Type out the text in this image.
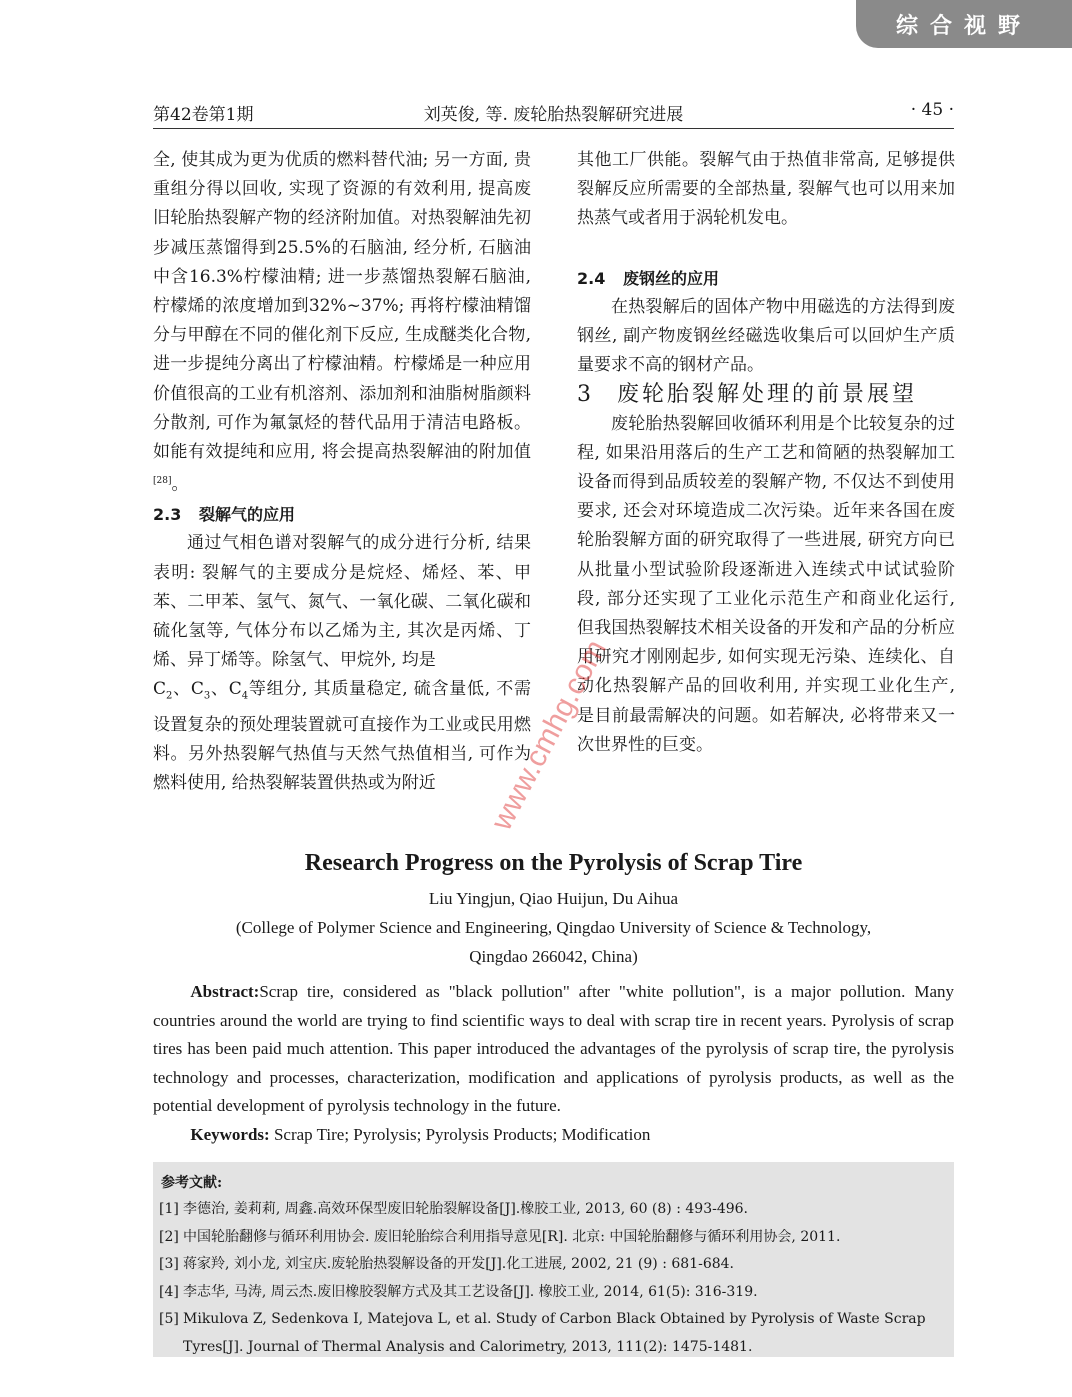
综合视野
第42卷第1期	刘英俊, 等. 废轮胎热裂解研究进展	· 45 ·

全, 使其成为更为优质的燃料替代油; 另一方面, 贵重组分得以回收, 实现了资源的有效利用, 提高废旧轮胎热裂解产物的经济附加值。对热裂解油先初步减压蒸馏得到25.5%的石脑油, 经分析, 石脑油中含16.3%柠檬油精; 进一步蒸馏热裂解石脑油, 柠檬烯的浓度增加到32%~37%; 再将柠檬油精馏分与甲醇在不同的催化剂下反应, 生成醚类化合物, 进一步提纯分离出了柠檬油精。柠檬烯是一种应用价值很高的工业有机溶剂、添加剂和油脂树脂颜料分散剂, 可作为氟氯烃的替代品用于清洁电路板。如能有效提纯和应用, 将会提高热裂解油的附加值[28]。

2.3 裂解气的应用

通过气相色谱对裂解气的成分进行分析, 结果表明: 裂解气的主要成分是烷烃、烯烃、苯、甲苯、二甲苯、氢气、氮气、一氧化碳、二氧化碳和硫化氢等, 气体分布以乙烯为主, 其次是丙烯、丁烯、异丁烯等。除氢气、甲烷外, 均是
$C_2$、$C_3$、$C_4$等组分, 其质量稳定, 硫含量低, 不需设置复杂的预处理装置就可直接作为工业或民用燃料。另外热裂解气热值与天然气热值相当, 可作为燃料使用, 给热裂解装置供热或为附近

其他工厂供能。裂解气由于热值非常高, 足够提供裂解反应所需要的全部热量, 裂解气也可以用来加热蒸气或者用于涡轮机发电。

2.4 废钢丝的应用

在热裂解后的固体产物中用磁选的方法得到废钢丝, 副产物废钢丝经磁选收集后可以回炉生产质量要求不高的钢材产品。

3 废轮胎裂解处理的前景展望

废轮胎热裂解回收循环利用是个比较复杂的过程, 如果沿用落后的生产工艺和简陋的热裂解加工设备而得到品质较差的裂解产物, 不仅达不到使用要求, 还会对环境造成二次污染。近年来各国在废轮胎裂解方面的研究取得了一些进展, 研究方向已从批量小型试验阶段逐渐进入连续式中试试验阶段, 部分还实现了工业化示范生产和商业化运行, 但我国热裂解技术相关设备的开发和产品的分析应用研究才刚刚起步, 如何实现无污染、连续化、自动化热裂解产品的回收利用, 并实现工业化生产, 是目前最需解决的问题。如若解决, 必将带来又一次世界性的巨变。

Research Progress on the Pyrolysis of Scrap Tire
Liu Yingjun, Qiao Huijun, Du Aihua
(College of Polymer Science and Engineering, Qingdao University of Science & Technology,
Qingdao 266042, China)

Abstract:Scrap tire, considered as "black pollution" after "white pollution", is a major pollution. Many countries around the world are trying to find scientific ways to deal with scrap tire in recent years. Pyrolysis of scrap tires has been paid much attention. This paper introduced the advantages of the pyrolysis of scrap tire, the pyrolysis technology and processes, characterization, modification and applications of pyrolysis products, as well as the potential development of pyrolysis technology in the future.

Keywords: Scrap Tire; Pyrolysis; Pyrolysis Products; Modification

参考文献:
[1] 李德治, 姜莉莉, 周鑫.高效环保型废旧轮胎裂解设备[J].橡胶工业, 2013, 60 (8) : 493-496.
[2] 中国轮胎翻修与循环利用协会. 废旧轮胎综合利用指导意见[R]. 北京: 中国轮胎翻修与循环利用协会, 2011.
[3] 蒋家羚, 刘小龙, 刘宝庆.废轮胎热裂解设备的开发[J].化工进展, 2002, 21 (9) : 681-684.
[4] 李志华, 马涛, 周云杰.废旧橡胶裂解方式及其工艺设备[J]. 橡胶工业, 2014, 61(5): 316-319.
[5] Mikulova Z, Sedenkova I, Matejova L, et al. Study of Carbon Black Obtained by Pyrolysis of Waste Scrap Tyres[J]. Journal of Thermal Analysis and Calorimetry, 2013, 111(2): 1475-1481.
www.cmhg.com
